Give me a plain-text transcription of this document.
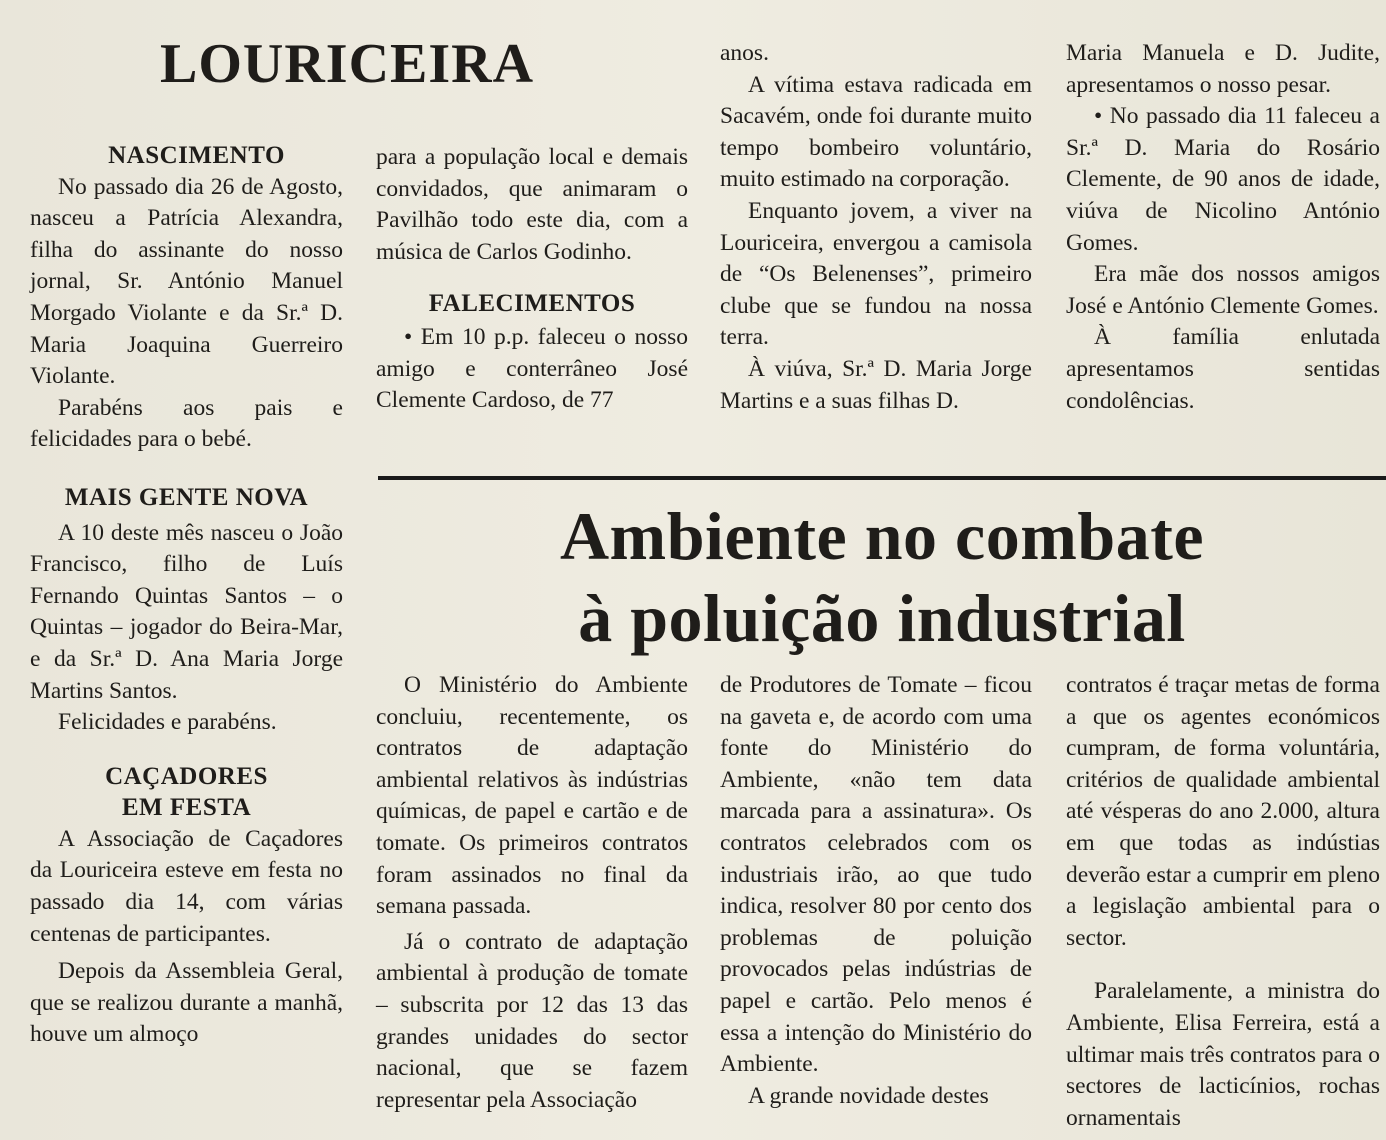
LOURICEIRA

NASCIMENTO

No passado dia 26 de Agosto, nasceu a Patrícia Alexandra, filha do assinante do nosso jornal, Sr. António Manuel Morgado Violante e da Sr.ª D. Maria Joaquina Guerreiro Violante.

Parabéns aos pais e felicidades para o bebé.

MAIS GENTE NOVA

A 10 deste mês nasceu o João Francisco, filho de Luís Fernando Quintas Santos – o Quintas – jogador do Beira-Mar, e da Sr.ª D. Ana Maria Jorge Martins Santos.

Felicidades e parabéns.

CAÇADORES

EM FESTA

A Associação de Caçadores da Louriceira esteve em festa no passado dia 14, com várias centenas de participantes.

Depois da Assembleia Geral, que se realizou durante a manhã, houve um almoço

para a população local e demais convidados, que animaram o Pavilhão todo este dia, com a música de Carlos Godinho.

FALECIMENTOS

• Em 10 p.p. faleceu o nosso amigo e conterrâneo José Clemente Cardoso, de 77

anos.

A vítima estava radicada em Sacavém, onde foi durante muito tempo bombeiro voluntário, muito estimado na corporação.

Enquanto jovem, a viver na Louriceira, envergou a camisola de “Os Belenenses”, primeiro clube que se fundou na nossa terra.

À viúva, Sr.ª D. Maria Jorge Martins e a suas filhas D.

Maria Manuela e D. Judite, apresentamos o nosso pesar.

• No passado dia 11 faleceu a Sr.ª D. Maria do Rosário Clemente, de 90 anos de idade, viúva de Nicolino António Gomes.

Era mãe dos nossos amigos José e António Clemente Gomes.

À família enlutada apresentamos sentidas condolências.

Ambiente no combate
à poluição industrial

O Ministério do Ambiente concluiu, recentemente, os contratos de adaptação ambiental relativos às indústrias químicas, de papel e cartão e de tomate. Os primeiros contratos foram assinados no final da semana passada.

Já o contrato de adaptação ambiental à produção de tomate – subscrita por 12 das 13 das grandes unidades do sector nacional, que se fazem representar pela Associação

de Produtores de Tomate – ficou na gaveta e, de acordo com uma fonte do Ministério do Ambiente, «não tem data marcada para a assinatura». Os contratos celebrados com os industriais irão, ao que tudo indica, resolver 80 por cento dos problemas de poluição provocados pelas indústrias de papel e cartão. Pelo menos é essa a intenção do Ministério do Ambiente.

A grande novidade destes

contratos é traçar metas de forma a que os agentes económicos cumpram, de forma voluntária, critérios de qualidade ambiental até vésperas do ano 2.000, altura em que todas as indústias deverão estar a cumprir em pleno a legislação ambiental para o sector.

Paralelamente, a ministra do Ambiente, Elisa Ferreira, está a ultimar mais três contratos para o sectores de lacticínios, rochas ornamentais
